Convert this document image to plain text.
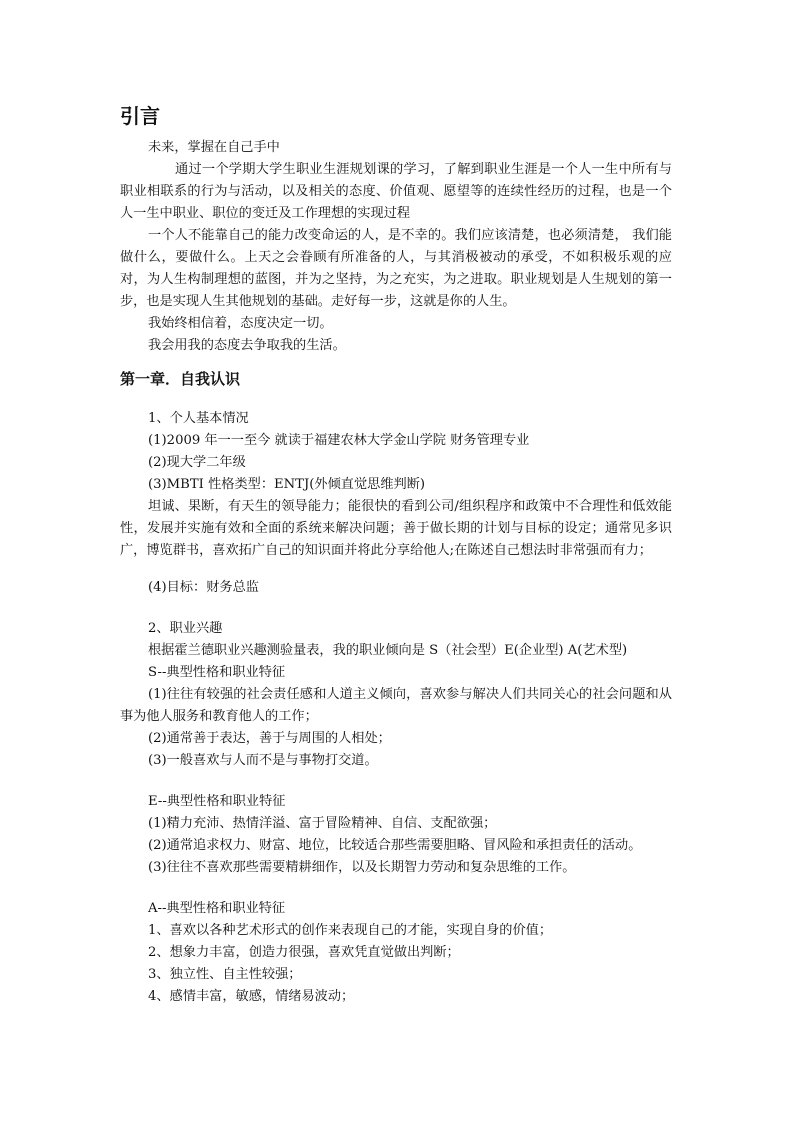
引言

未来，掌握在自己手中

通过一个学期大学生职业生涯规划课的学习，了解到职业生涯是一个人一生中所有与职业相联系的行为与活动，以及相关的态度、价值观、愿望等的连续性经历的过程，也是一个人一生中职业、职位的变迁及工作理想的实现过程

一个人不能靠自己的能力改变命运的人，是不幸的。我们应该清楚，也必须清楚， 我们能做什么，要做什么。上天之会眷顾有所准备的人，与其消极被动的承受，不如积极乐观的应对，为人生构制理想的蓝图，并为之坚持，为之充实，为之进取。职业规划是人生规划的第一步，也是实现人生其他规划的基础。走好每一步，这就是你的人生。

我始终相信着，态度决定一切。

我会用我的态度去争取我的生活。

第一章．自我认识

1、个人基本情况

(1)2009 年一一至今 就读于福建农林大学金山学院 财务管理专业

(2)现大学二年级

(3)MBTI 性格类型：ENTJ(外倾直觉思维判断)

坦诚、果断，有天生的领导能力；能很快的看到公司/组织程序和政策中不合理性和低效能性，发展并实施有效和全面的系统来解决问题；善于做长期的计划与目标的设定；通常见多识广，博览群书，喜欢拓广自己的知识面并将此分享给他人;在陈述自己想法时非常强而有力；

(4)目标：财务总监

2、职业兴趣

根据霍兰德职业兴趣测验量表，我的职业倾向是 S（社会型）E(企业型) A(艺术型)

S--典型性格和职业特征

(1)往往有较强的社会责任感和人道主义倾向，喜欢参与解决人们共同关心的社会问题和从事为他人服务和教育他人的工作；

(2)通常善于表达，善于与周围的人相处；

(3)一般喜欢与人而不是与事物打交道。

E--典型性格和职业特征

(1)精力充沛、热情洋溢、富于冒险精神、自信、支配欲强；

(2)通常追求权力、财富、地位，比较适合那些需要胆略、冒风险和承担责任的活动。

(3)往往不喜欢那些需要精耕细作，以及长期智力劳动和复杂思维的工作。

A--典型性格和职业特征

1、喜欢以各种艺术形式的创作来表现自己的才能，实现自身的价值；

2、想象力丰富，创造力很强，喜欢凭直觉做出判断；

3、独立性、自主性较强；

4、感情丰富，敏感，情绪易波动；
